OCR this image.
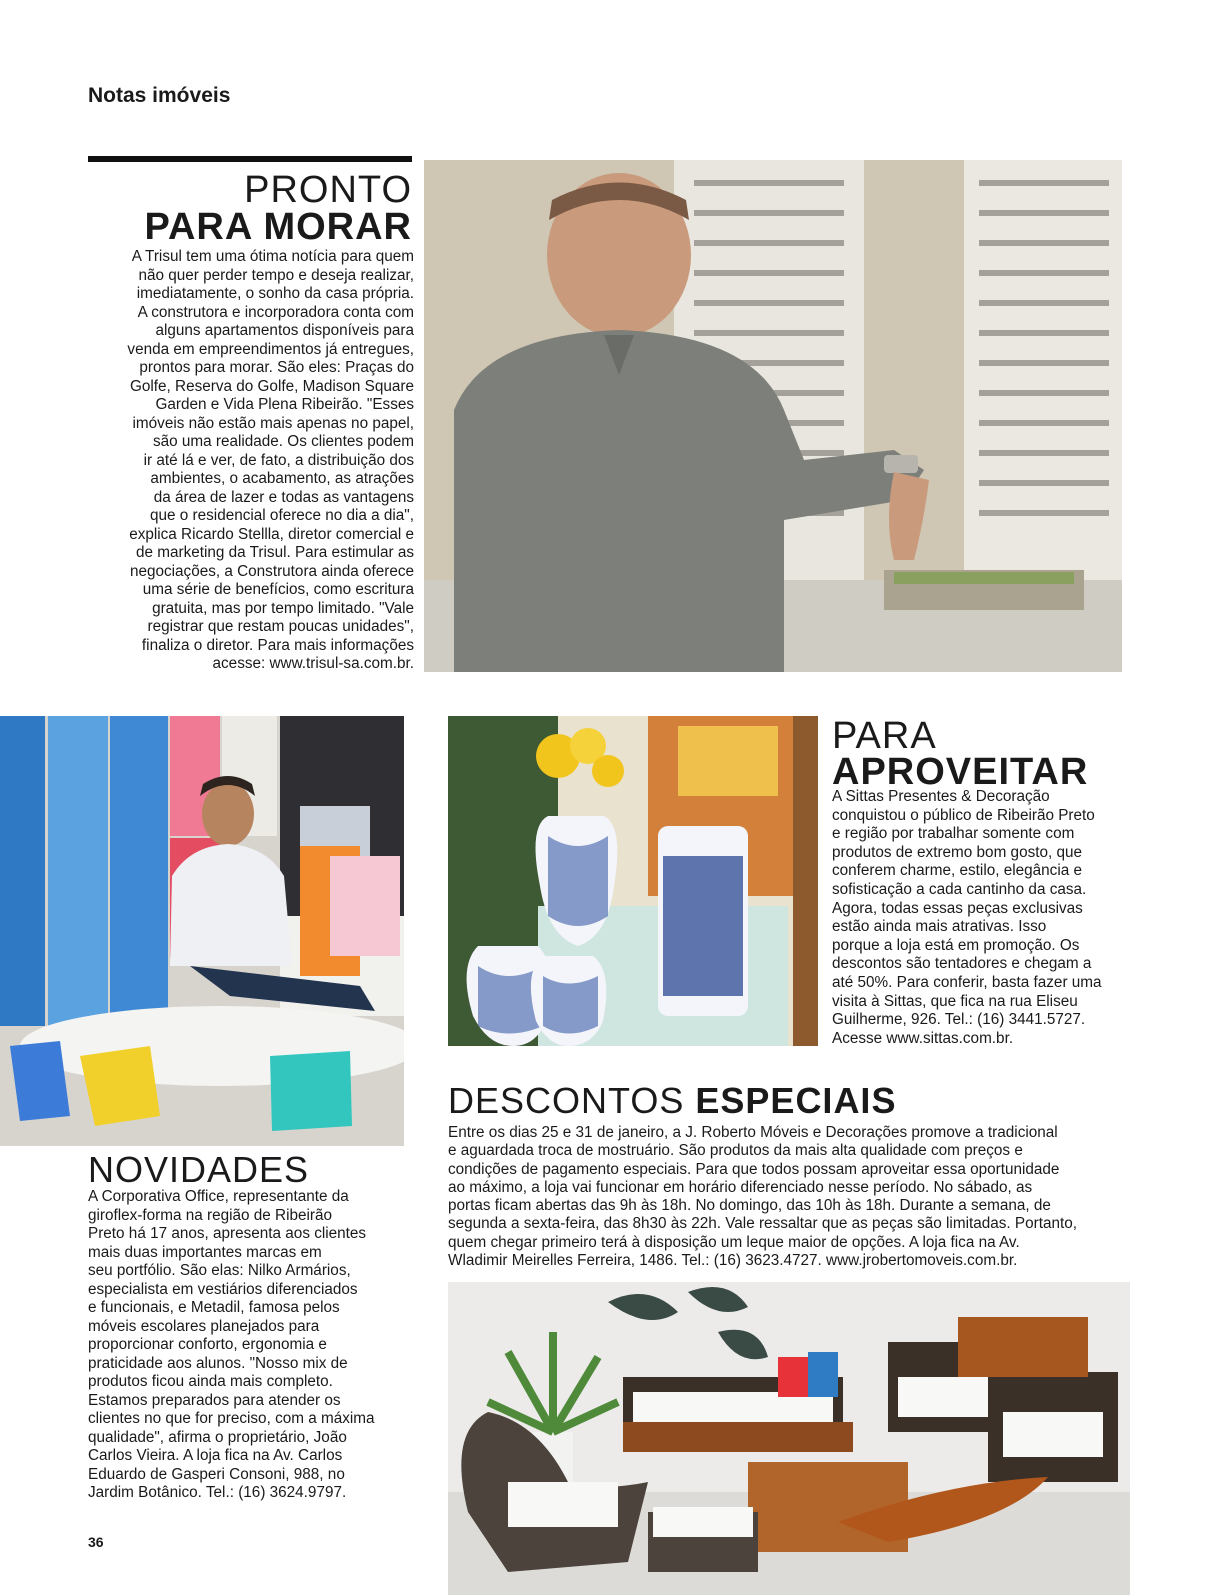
Notas imóveis
PRONTO
PARA MORAR
A Trisul tem uma ótima notícia para quem
não quer perder tempo e deseja realizar,
imediatamente, o sonho da casa própria.
A construtora e incorporadora conta com
alguns apartamentos disponíveis para
venda em empreendimentos já entregues,
prontos para morar. São eles: Praças do
Golfe, Reserva do Golfe, Madison Square
Garden e Vida Plena Ribeirão. "Esses
imóveis não estão mais apenas no papel,
são uma realidade. Os clientes podem
ir até lá e ver, de fato, a distribuição dos
ambientes, o acabamento, as atrações
da área de lazer e todas as vantagens
que o residencial oferece no dia a dia",
explica Ricardo Stellla, diretor comercial e
de marketing da Trisul. Para estimular as
negociações, a Construtora ainda oferece
uma série de benefícios, como escritura
gratuita, mas por tempo limitado. "Vale
registrar que restam poucas unidades",
finaliza o diretor. Para mais informações
acesse: www.trisul-sa.com.br.
PARA
APROVEITAR
A Sittas Presentes & Decoração
conquistou o público de Ribeirão Preto
e região por trabalhar somente com
produtos de extremo bom gosto, que
conferem charme, estilo, elegância e
sofisticação a cada cantinho da casa.
Agora, todas essas peças exclusivas
estão ainda mais atrativas. Isso
porque a loja está em promoção. Os
descontos são tentadores e chegam a
até 50%. Para conferir, basta fazer uma
visita à Sittas, que fica na rua Eliseu
Guilherme, 926. Tel.: (16) 3441.5727.
Acesse www.sittas.com.br.
DESCONTOS ESPECIAIS
Entre os dias 25 e 31 de janeiro, a J. Roberto Móveis e Decorações promove a tradicional
e aguardada troca de mostruário. São produtos da mais alta qualidade com preços e
condições de pagamento especiais. Para que todos possam aproveitar essa oportunidade
ao máximo, a loja vai funcionar em horário diferenciado nesse período. No sábado, as
portas ficam abertas das 9h às 18h. No domingo, das 10h às 18h. Durante a semana, de
segunda a sexta-feira, das 8h30 às 22h. Vale ressaltar que as peças são limitadas. Portanto,
quem chegar primeiro terá à disposição um leque maior de opções. A loja fica na Av.
Wladimir Meirelles Ferreira, 1486. Tel.: (16) 3623.4727. www.jrobertomoveis.com.br.
NOVIDADES
A Corporativa Office, representante da
giroflex-forma na região de Ribeirão
Preto há 17 anos, apresenta aos clientes
mais duas importantes marcas em
seu portfólio. São elas: Nilko Armários,
especialista em vestiários diferenciados
e funcionais, e Metadil, famosa pelos
móveis escolares planejados para
proporcionar conforto, ergonomia e
praticidade aos alunos. "Nosso mix de
produtos ficou ainda mais completo.
Estamos preparados para atender os
clientes no que for preciso, com a máxima
qualidade", afirma o proprietário, João
Carlos Vieira. A loja fica na Av. Carlos
Eduardo de Gasperi Consoni, 988, no
Jardim Botânico. Tel.: (16) 3624.9797.
36
